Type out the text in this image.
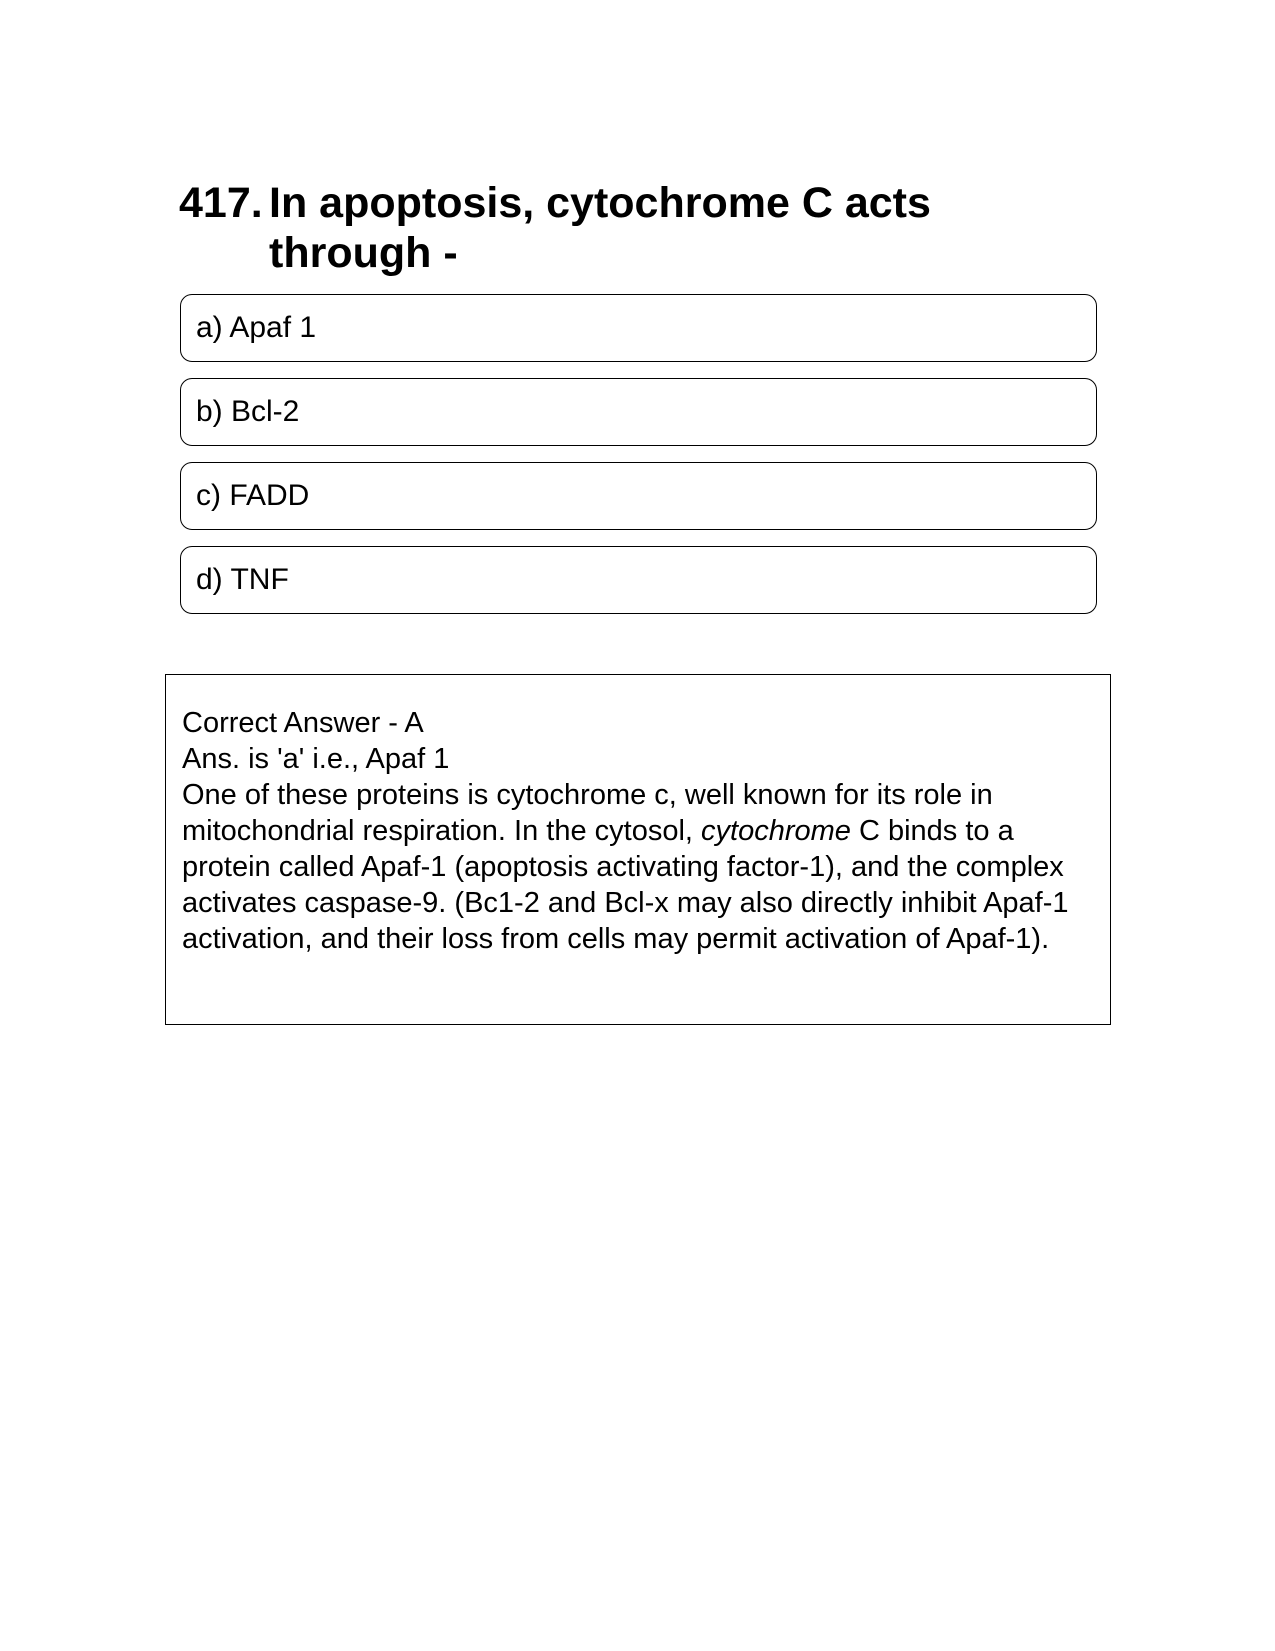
417. In apoptosis, cytochrome C acts through -
a) Apaf 1
b) Bcl-2
c) FADD
d) TNF

Correct Answer - A

Ans. is 'a' i.e., Apaf 1

One of these proteins is cytochrome c, well known for its role in mitochondrial respiration. In the cytosol, cytochrome C binds to a protein called Apaf-1 (apoptosis activating factor-1), and the complex activates caspase-9. (Bc1-2 and Bcl-x may also directly inhibit Apaf-1 activation, and their loss from cells may permit activation of Apaf-1).
